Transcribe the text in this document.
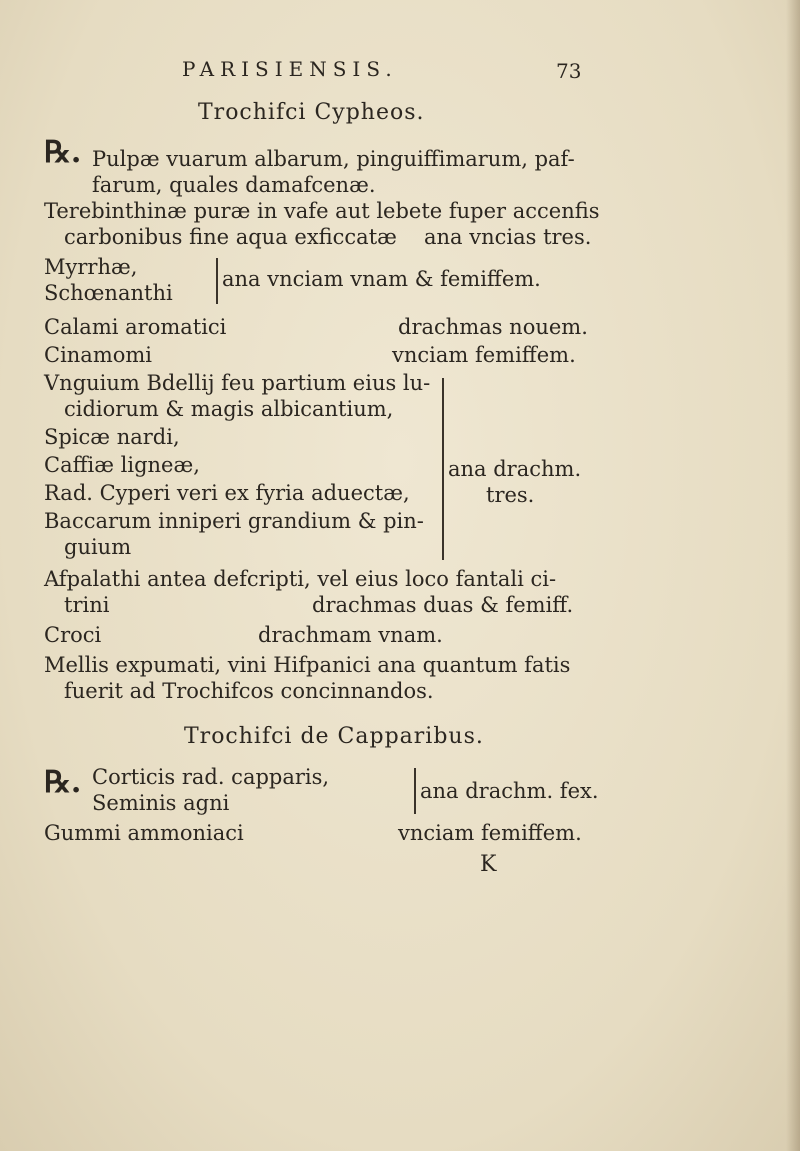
PARISIENSIS.	73
Trochifci Cypheos.
℞. Pulpæ vuarum albarum, pinguiffimarum, paf-
farum, quales damafcenæ.
Terebinthinæ puræ in vafe aut lebete fuper accenfis
carbonibus fine aqua exficcatæ ana vncias tres.
Myrrhæ,
Schœnanthi
ana vnciam vnam & femiffem.
Calami aromatici	drachmas nouem.
Cinamomi	vnciam femiffem.
Vnguium Bdellij feu partium eius lu-
cidiorum & magis albicantium,
Spicæ nardi,
Caffiæ ligneæ,
Rad. Cyperi veri ex fyria aduectæ,
Baccarum inniperi grandium & pin-
guium
ana drachm.
tres.
Afpalathi antea defcripti, vel eius loco fantali ci-
trini	drachmas duas & femiff.
Croci	drachmam vnam.
Mellis expumati, vini Hifpanici ana quantum fatis
fuerit ad Trochifcos concinnandos.
Trochifci de Capparibus.
℞. Corticis rad. capparis,
Seminis agni	ana drachm. fex.
Gummi ammoniaci	vnciam femiffem.
K
